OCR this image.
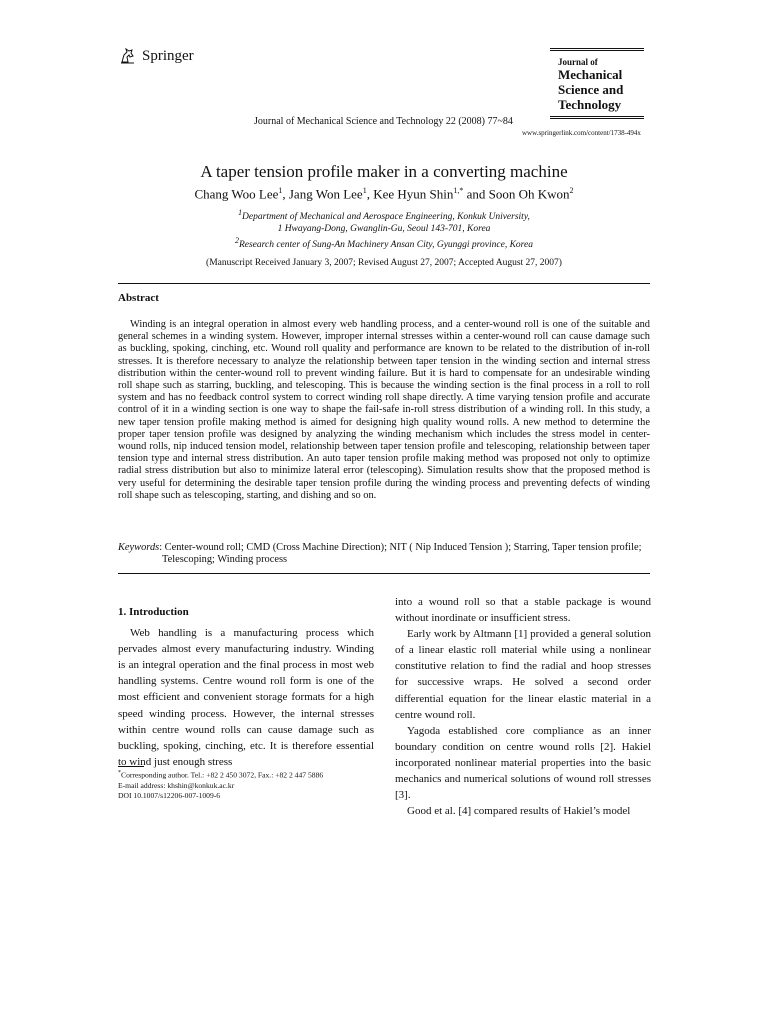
Springer	Journal of
Mechanical
Science and
Technology
Journal of Mechanical Science and Technology 22 (2008) 77~84
www.springerlink.com/content/1738-494x
A taper tension profile maker in a converting machine
Chang Woo Lee$^1$, Jang Won Lee$^1$, Kee Hyun Shin$^{1,*}$ and Soon Oh Kwon$^2$
$^1$Department of Mechanical and Aerospace Engineering, Konkuk University,
1 Hwayang-Dong, Gwanglin-Gu, Seoul 143-701, Korea
$^2$Research center of Sung-An Machinery Ansan City, Gyunggi province, Korea
(Manuscript Received January 3, 2007; Revised August 27, 2007; Accepted August 27, 2007)
Abstract
Winding is an integral operation in almost every web handling process, and a center-wound roll is one of the suitable and general schemes in a winding system. However, improper internal stresses within a center-wound roll can cause damage such as buckling, spoking, cinching, etc. Wound roll quality and performance are known to be related to the distribution of in-roll stresses. It is therefore necessary to analyze the relationship between taper tension in the winding section and internal stress distribution within the center-wound roll to prevent winding failure. But it is hard to compensate for an undesirable winding roll shape such as starring, buckling, and telescoping. This is because the winding section is the final process in a roll to roll system and has no feedback control system to correct winding roll shape directly. A time varying tension profile and accurate control of it in a winding section is one way to shape the fail-safe in-roll stress distribution of a winding roll. In this study, a new taper tension profile making method is aimed for designing high quality wound rolls. A new method to determine the proper taper tension profile was designed by analyzing the winding mechanism which includes the stress model in center-wound rolls, nip induced tension model, relationship between taper tension profile and telescoping, relationship between taper tension type and internal stress distribution. An auto taper tension profile making method was proposed not only to optimize radial stress distribution but also to minimize lateral error (telescoping). Simulation results show that the proposed method is very useful for determining the desirable taper tension profile during the winding process and preventing defects of winding roll shape such as telescoping, starting, and dishing and so on.
Keywords: Center-wound roll; CMD (Cross Machine Direction); NIT ( Nip Induced Tension ); Starring, Taper tension profile; Telescoping; Winding process
1. Introduction

Web handling is a manufacturing process which pervades almost every manufacturing industry. Winding is an integral operation and the final process in most web handling systems. Centre wound roll form is one of the most efficient and convenient storage formats for a high speed winding process. However, the internal stresses within centre wound rolls can cause damage such as buckling, spoking, cinching, etc. It is therefore essential to wind just enough stress

into a wound roll so that a stable package is wound without inordinate or insufficient stress.

Early work by Altmann [1] provided a general solution of a linear elastic roll material while using a nonlinear constitutive relation to find the radial and hoop stresses for successive wraps. He solved a second order differential equation for the linear elastic material in a centre wound roll.

Yagoda established core compliance as an inner boundary condition on centre wound rolls [2]. Hakiel incorporated nonlinear material properties into the basic mechanics and numerical solutions of wound roll stresses [3].

Good et al. [4] compared results of Hakiel’s model

*Corresponding author. Tel.: +82 2 450 3072, Fax.: +82 2 447 5886
E-mail address: khshin@konkuk.ac.kr
DOI 10.1007/s12206-007-1009-6
